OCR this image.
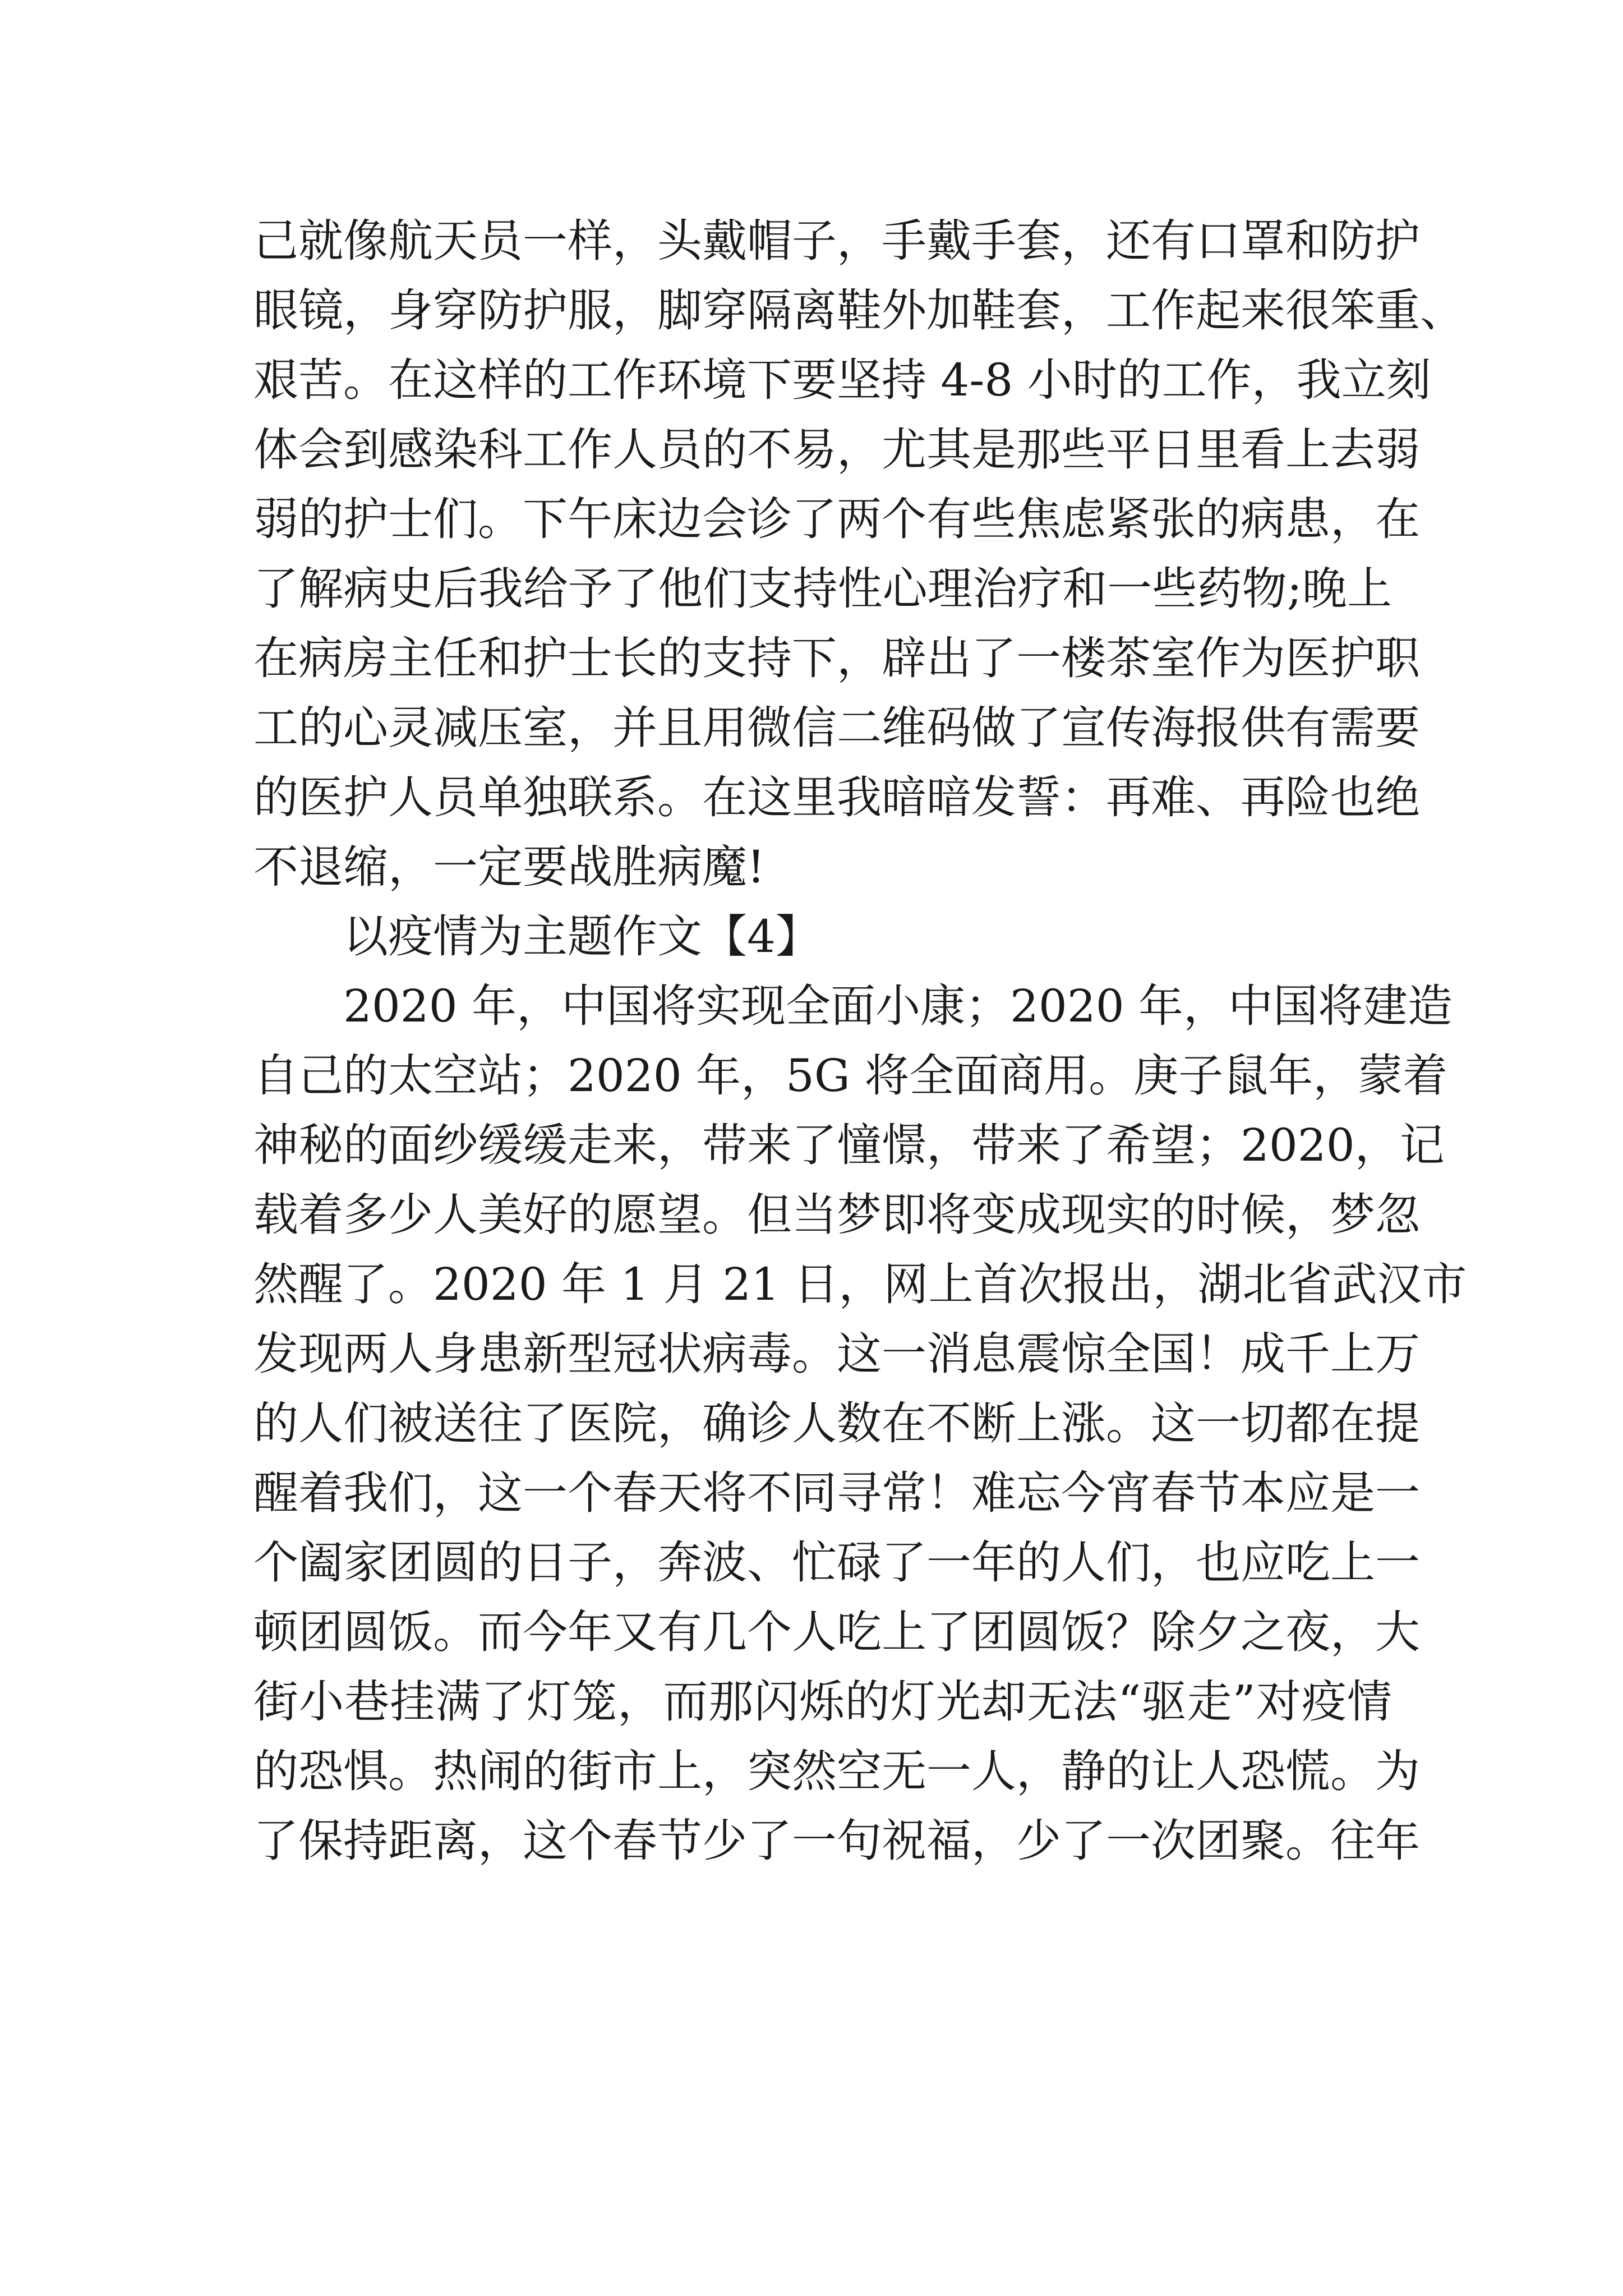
己就像航天员一样，头戴帽子，手戴手套，还有口罩和防护
眼镜，身穿防护服，脚穿隔离鞋外加鞋套，工作起来很笨重、
艰苦。在这样的工作环境下要坚持 4-8 小时的工作，我立刻
体会到感染科工作人员的不易，尤其是那些平日里看上去弱
弱的护士们。下午床边会诊了两个有些焦虑紧张的病患，在
了解病史后我给予了他们支持性心理治疗和一些药物;晚上
在病房主任和护士长的支持下，辟出了一楼茶室作为医护职
工的心灵减压室，并且用微信二维码做了宣传海报供有需要
的医护人员单独联系。在这里我暗暗发誓：再难、再险也绝
不退缩，一定要战胜病魔!
以疫情为主题作文【4】
2020 年，中国将实现全面小康；2020 年，中国将建造
自己的太空站；2020 年，5G 将全面商用。庚子鼠年，蒙着
神秘的面纱缓缓走来，带来了憧憬，带来了希望；2020，记
载着多少人美好的愿望。但当梦即将变成现实的时候，梦忽
然醒了。2020 年 1 月 21 日，网上首次报出，湖北省武汉市
发现两人身患新型冠状病毒。这一消息震惊全国！成千上万
的人们被送往了医院，确诊人数在不断上涨。这一切都在提
醒着我们，这一个春天将不同寻常！难忘今宵春节本应是一
个阖家团圆的日子，奔波、忙碌了一年的人们，也应吃上一
顿团圆饭。而今年又有几个人吃上了团圆饭？除夕之夜，大
街小巷挂满了灯笼，而那闪烁的灯光却无法“驱走”对疫情
的恐惧。热闹的街市上，突然空无一人，静的让人恐慌。为
了保持距离，这个春节少了一句祝福，少了一次团聚。往年
